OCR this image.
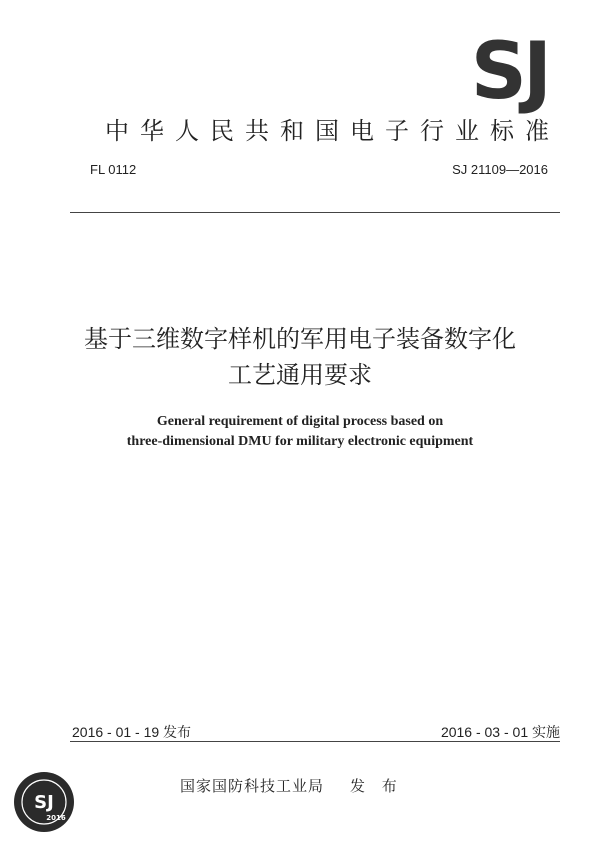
SJ
中华人民共和国电子行业标准
FL 0112	SJ 21109—2016
基于三维数字样机的军用电子装备数字化
工艺通用要求
General requirement of digital process based on
three-dimensional DMU for military electronic equipment
2016 - 01 - 19 发布	2016 - 03 - 01 实施
国家国防科技工业局 发 布
SJ
2016
